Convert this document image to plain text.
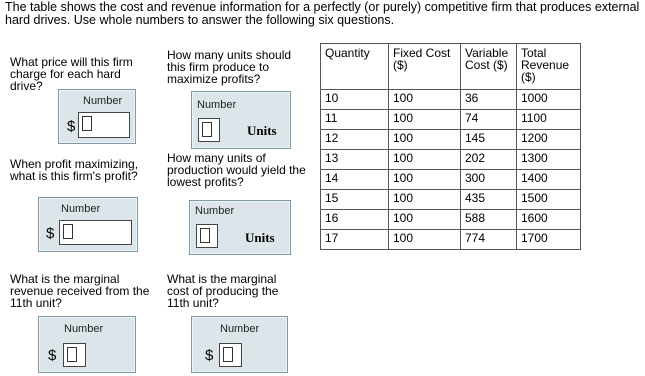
The table shows the cost and revenue information for a perfectly (or purely) competitive firm that produces external hard drives. Use whole numbers to answer the following six questions.
What price will this firm charge for each hard drive?
Number
$
How many units should this firm produce to maximize profits?
Number
Units
When profit maximizing, what is this firm's profit?
Number
$
How many units of production would yield the lowest profits?
Number
Units
What is the marginal revenue received from the 11th unit?
Number
$
What is the marginal cost of producing the 11th unit?
Number
$
Quantity	Fixed Cost ($)	Variable Cost ($)	Total Revenue ($)
10	100	36	1000
11	100	74	1100
12	100	145	1200
13	100	202	1300
14	100	300	1400
15	100	435	1500
16	100	588	1600
17	100	774	1700
